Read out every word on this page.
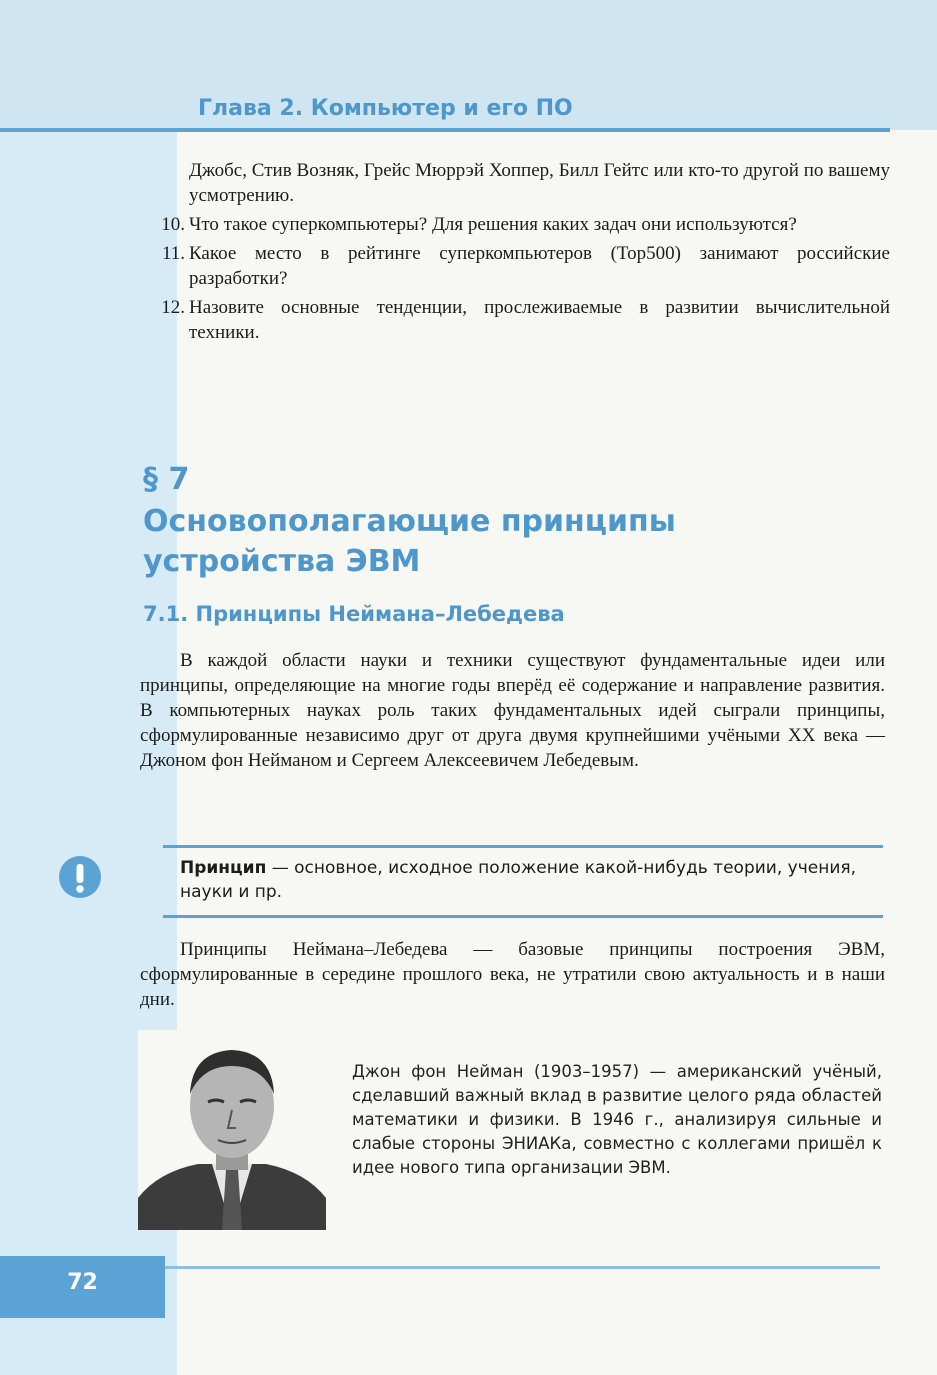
Глава 2. Компьютер и его ПО
Джобс, Стив Возняк, Грейс Мюррэй Хоппер, Билл Гейтс или кто-то другой по вашему усмотрению.
10. Что такое суперкомпьютеры? Для решения каких задач они используются?
11. Какое место в рейтинге суперкомпьютеров (Top500) занимают российские разработки?
12. Назовите основные тенденции, прослеживаемые в развитии вычислительной техники.
§ 7
Основополагающие принципы устройства ЭВМ
7.1. Принципы Неймана–Лебедева
В каждой области науки и техники существуют фундаментальные идеи или принципы, определяющие на многие годы вперёд её содержание и направление развития. В компьютерных науках роль таких фундаментальных идей сыграли принципы, сформулированные независимо друг от друга двумя крупнейшими учёными XX века — Джоном фон Нейманом и Сергеем Алексеевичем Лебедевым.
Принцип — основное, исходное положение какой-нибудь теории, учения, науки и пр.
Принципы Неймана–Лебедева — базовые принципы построения ЭВМ, сформулированные в середине прошлого века, не утратили свою актуальность и в наши дни.
Джон фон Нейман (1903–1957) — американский учёный, сделавший важный вклад в развитие целого ряда областей математики и физики. В 1946 г., анализируя сильные и слабые стороны ЭНИАКа, совместно с коллегами пришёл к идее нового типа организации ЭВМ.
72
